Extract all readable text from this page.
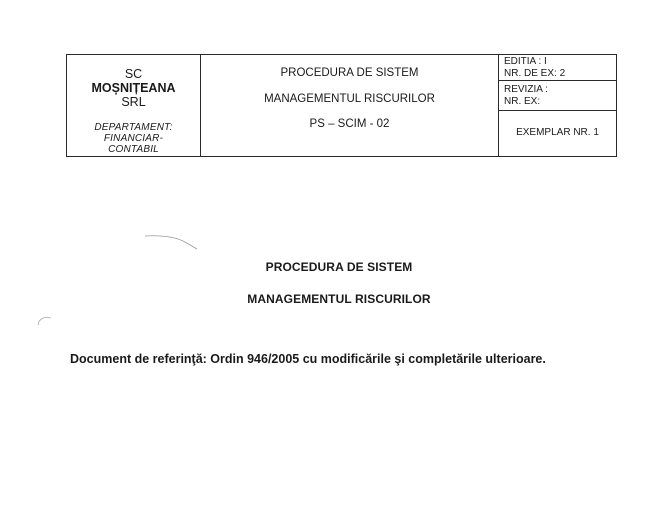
SC
MOȘNIȚEANA
SRL
DEPARTAMENT:
FINANCIAR-
CONTABIL
PROCEDURA DE SISTEM
MANAGEMENTUL RISCURILOR
PS – SCIM - 02
EDITIA : I
NR. DE EX: 2
REVIZIA :
NR. EX:
EXEMPLAR NR. 1
PROCEDURA DE SISTEM
MANAGEMENTUL RISCURILOR
Document de referinţă: Ordin 946/2005 cu modificările şi completările ulterioare.
